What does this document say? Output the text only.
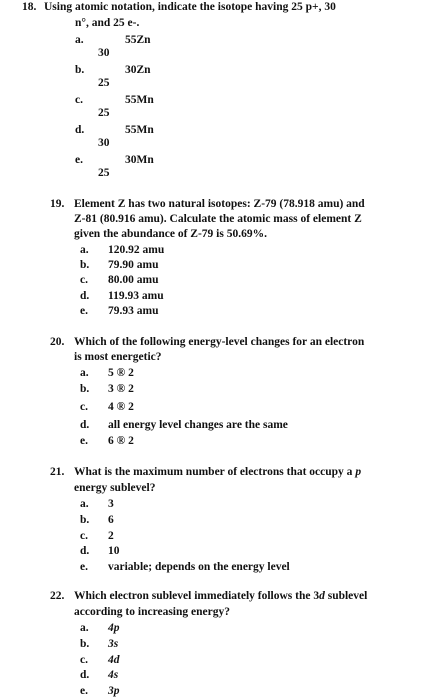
18. Using atomic notation, indicate the isotope having 25 p+, 30
n°, and 25 e-.
a.	55Zn
30
b.	30Zn
25
c.	55Mn
25
d.	55Mn
30
e.	30Mn
25
19. Element Z has two natural isotopes: Z-79 (78.918 amu) and
Z-81 (80.916 amu). Calculate the atomic mass of element Z
given the abundance of Z-79 is 50.69%.
a. 120.92 amu
b. 79.90 amu
c. 80.00 amu
d. 119.93 amu
e. 79.93 amu
20. Which of the following energy-level changes for an electron
is most energetic?
a. 5 ® 2
b. 3 ® 2
c. 4 ® 2
d. all energy level changes are the same
e. 6 ® 2
21. What is the maximum number of electrons that occupy a p
energy sublevel?
a. 3
b. 6
c. 2
d. 10
e. variable; depends on the energy level
22. Which electron sublevel immediately follows the 3d sublevel
according to increasing energy?
a. 4p
b. 3s
c. 4d
d. 4s
e. 3p
